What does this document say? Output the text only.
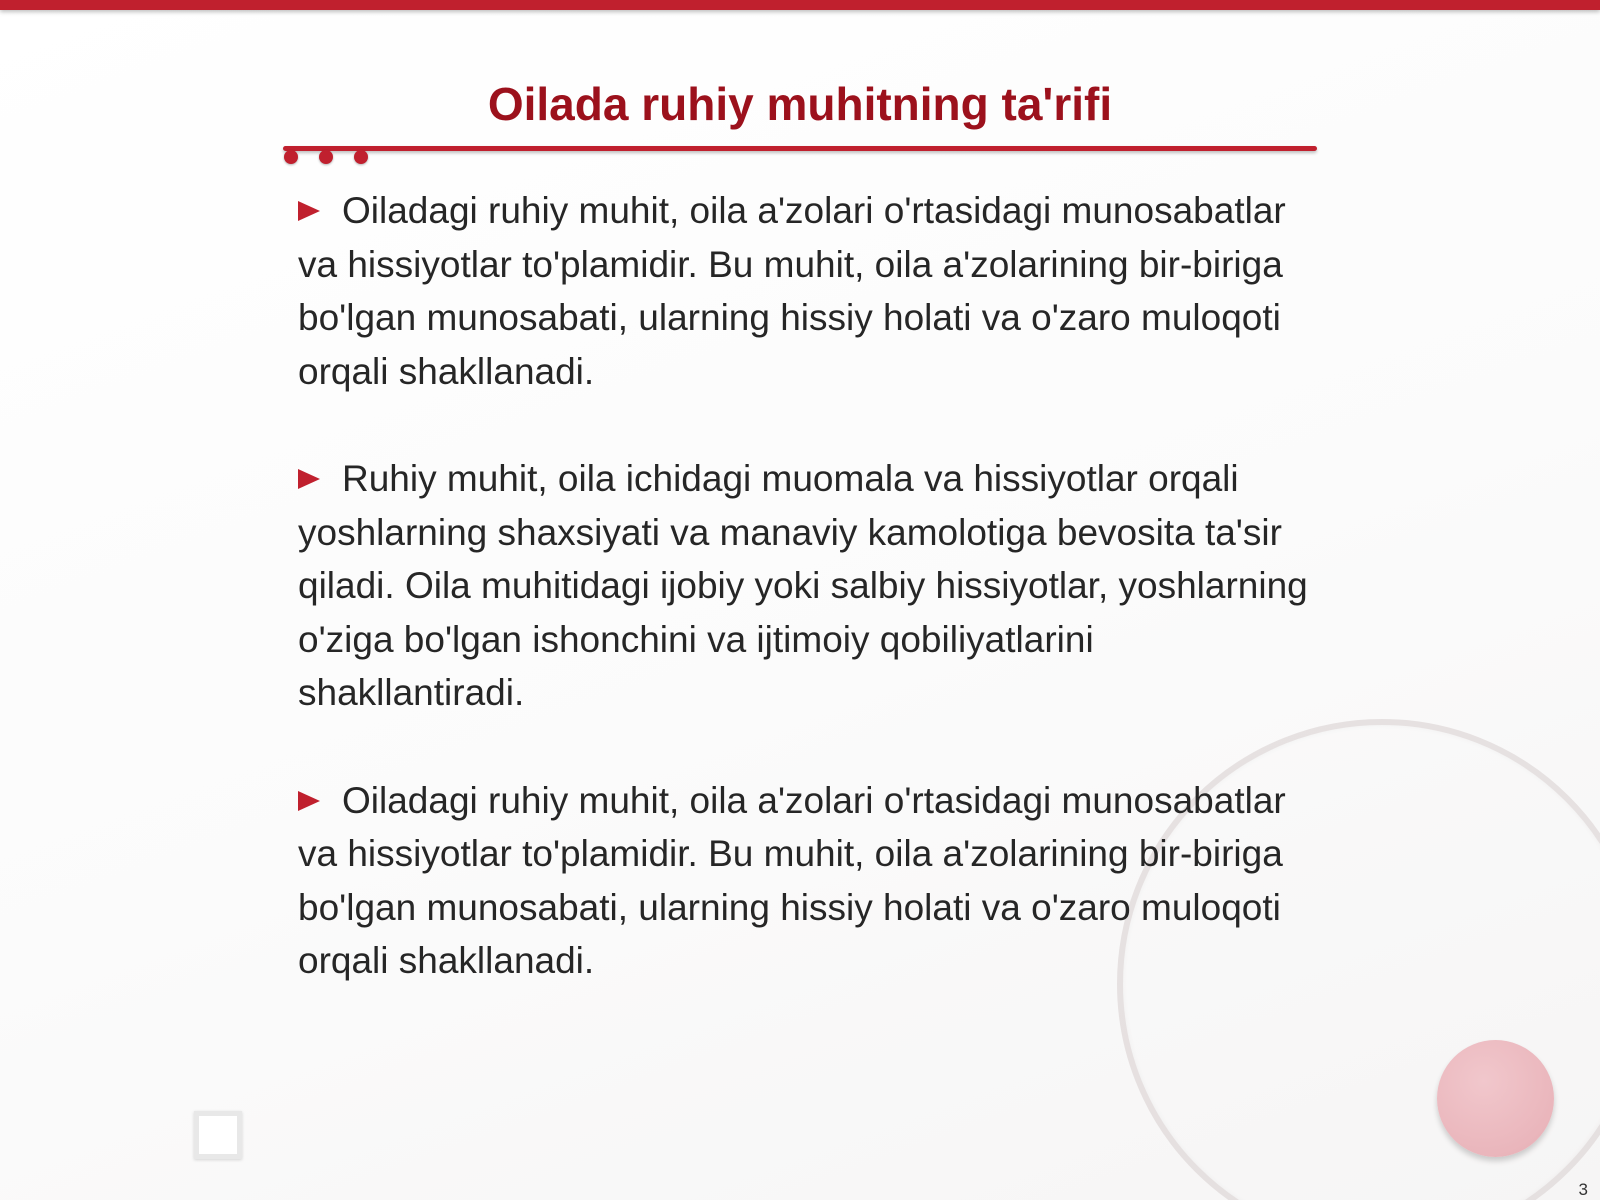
Oilada ruhiy muhitning ta'rifi

Oiladagi ruhiy muhit, oila a'zolari o'rtasidagi munosabatlar va hissiyotlar to'plamidir. Bu muhit, oila a'zolarining bir-biriga bo'lgan munosabati, ularning hissiy holati va o'zaro muloqoti orqali shakllanadi.

Ruhiy muhit, oila ichidagi muomala va hissiyotlar orqali yoshlarning shaxsiyati va manaviy kamolotiga bevosita ta'sir qiladi. Oila muhitidagi ijobiy yoki salbiy hissiyotlar, yoshlarning o'ziga bo'lgan ishonchini va ijtimoiy qobiliyatlarini shakllantiradi.

Oiladagi ruhiy muhit, oila a'zolari o'rtasidagi munosabatlar va hissiyotlar to'plamidir. Bu muhit, oila a'zolarining bir-biriga bo'lgan munosabati, ularning hissiy holati va o'zaro muloqoti orqali shakllanadi.

3
